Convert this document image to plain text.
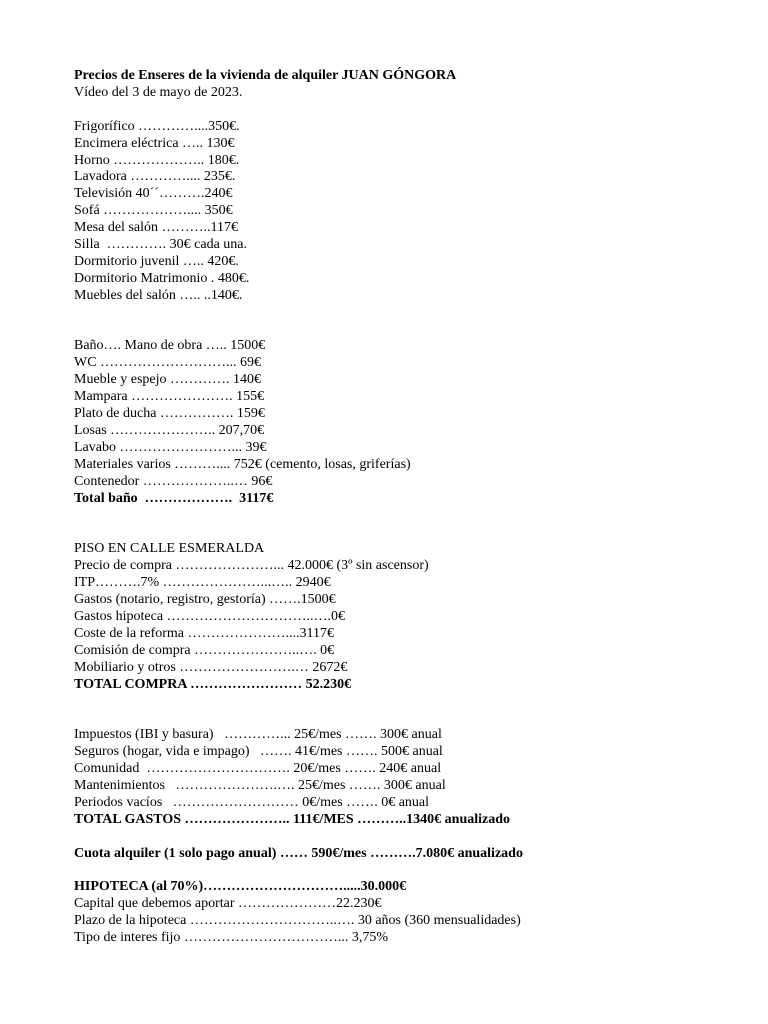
Precios de Enseres de la vivienda de alquiler JUAN GÓNGORA
Vídeo del 3 de mayo de 2023.
Frigorífico …………....350€.
Encimera eléctrica ….. 130€
Horno ……………….. 180€.
Lavadora ………….... 235€.
Televisión 40´´……….240€
Sofá ……………….... 350€
Mesa del salón ………..117€
Silla  …………. 30€ cada una.
Dormitorio juvenil ….. 420€.
Dormitorio Matrimonio . 480€.
Muebles del salón ….. ..140€.
Baño…. Mano de obra ….. 1500€
WC ………………………... 69€
Mueble y espejo …………. 140€
Mampara …………………. 155€
Plato de ducha ……………. 159€
Losas ………………….. 207,70€
Lavabo ……………………... 39€
Materiales varios ……….... 752€ (cemento, losas, griferías)
Contenedor ………………..… 96€
Total baño  ……………….  3117€
PISO EN CALLE ESMERALDA
Precio de compra …………………... 42.000€ (3º sin ascensor)
ITP……….7% …………………...….. 2940€
Gastos (notario, registro, gestoría) …….1500€
Gastos hipoteca …………………………..….0€
Coste de la reforma …………………....3117€
Comisión de compra …………………..…. 0€
Mobiliario y otros …………………….… 2672€
TOTAL COMPRA …………………… 52.230€
Impuestos (IBI y basura)   …………... 25€/mes ……. 300€ anual
Seguros (hogar, vida e impago)   ……. 41€/mes ……. 500€ anual
Comunidad  …………………………. 20€/mes ……. 240€ anual
Mantenimientos   ………………….…. 25€/mes ……. 300€ anual
Periodos vacíos   ……………………… 0€/mes ……. 0€ anual
TOTAL GASTOS ………………….. 111€/MES ………..1340€ anualizado
Cuota alquiler (1 solo pago anual) …… 590€/mes ……….7.080€ anualizado
HIPOTECA (al 70%)………………………….....30.000€
Capital que debemos aportar …………………22.230€
Plazo de la hipoteca …………………………..…. 30 años (360 mensualidades)
Tipo de interes fijo ……………………………... 3,75%
